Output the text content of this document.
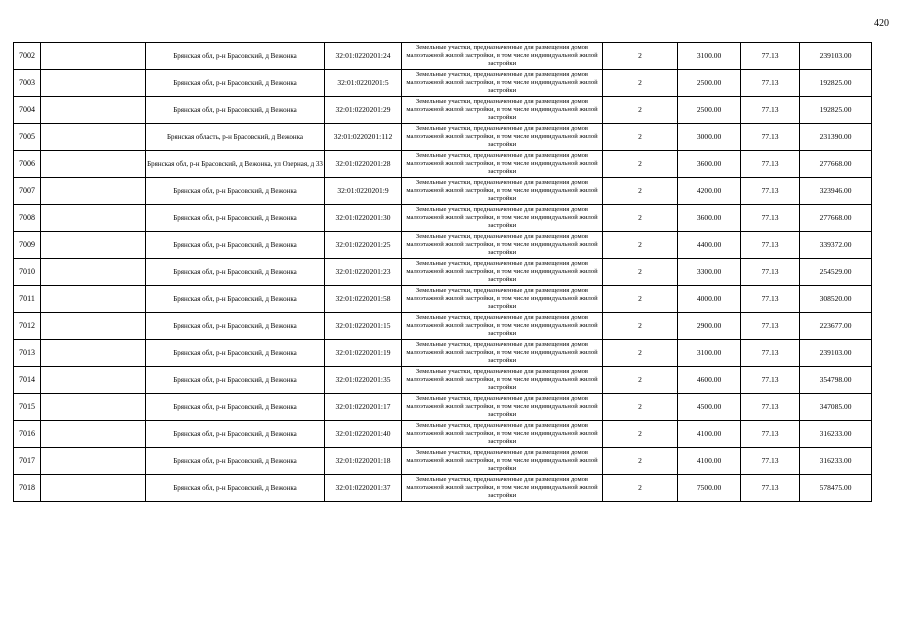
420
7002		Брянская обл, р-н Брасовский, д Вежонка	32:01:0220201:24	Земельные участки, предназначенные для размещения домов малоэтажной жилой застройки, в том числе индивидуальной жилой застройки	2	3100.00	77.13	239103.00
7003		Брянская обл, р-н Брасовский, д Вежонка	32:01:0220201:5	Земельные участки, предназначенные для размещения домов малоэтажной жилой застройки, в том числе индивидуальной жилой застройки	2	2500.00	77.13	192825.00
7004		Брянская обл, р-н Брасовский, д Вежонка	32:01:0220201:29	Земельные участки, предназначенные для размещения домов малоэтажной жилой застройки, в том числе индивидуальной жилой застройки	2	2500.00	77.13	192825.00
7005		Брянская область, р-н Брасовский, д Вежонка	32:01:0220201:112	Земельные участки, предназначенные для размещения домов малоэтажной жилой застройки, в том числе индивидуальной жилой застройки	2	3000.00	77.13	231390.00
7006		Брянская обл, р-н Брасовский, д Вежонка, ул Озерная, д 33	32:01:0220201:28	Земельные участки, предназначенные для размещения домов малоэтажной жилой застройки, в том числе индивидуальной жилой застройки	2	3600.00	77.13	277668.00
7007		Брянская обл, р-н Брасовский, д Вежонка	32:01:0220201:9	Земельные участки, предназначенные для размещения домов малоэтажной жилой застройки, в том числе индивидуальной жилой застройки	2	4200.00	77.13	323946.00
7008		Брянская обл, р-н Брасовский, д Вежонка	32:01:0220201:30	Земельные участки, предназначенные для размещения домов малоэтажной жилой застройки, в том числе индивидуальной жилой застройки	2	3600.00	77.13	277668.00
7009		Брянская обл, р-н Брасовский, д Вежонка	32:01:0220201:25	Земельные участки, предназначенные для размещения домов малоэтажной жилой застройки, в том числе индивидуальной жилой застройки	2	4400.00	77.13	339372.00
7010		Брянская обл, р-н Брасовский, д Вежонка	32:01:0220201:23	Земельные участки, предназначенные для размещения домов малоэтажной жилой застройки, в том числе индивидуальной жилой застройки	2	3300.00	77.13	254529.00
7011		Брянская обл, р-н Брасовский, д Вежонка	32:01:0220201:58	Земельные участки, предназначенные для размещения домов малоэтажной жилой застройки, в том числе индивидуальной жилой застройки	2	4000.00	77.13	308520.00
7012		Брянская обл, р-н Брасовский, д Вежонка	32:01:0220201:15	Земельные участки, предназначенные для размещения домов малоэтажной жилой застройки, в том числе индивидуальной жилой застройки	2	2900.00	77.13	223677.00
7013		Брянская обл, р-н Брасовский, д Вежонка	32:01:0220201:19	Земельные участки, предназначенные для размещения домов малоэтажной жилой застройки, в том числе индивидуальной жилой застройки	2	3100.00	77.13	239103.00
7014		Брянская обл, р-н Брасовский, д Вежонка	32:01:0220201:35	Земельные участки, предназначенные для размещения домов малоэтажной жилой застройки, в том числе индивидуальной жилой застройки	2	4600.00	77.13	354798.00
7015		Брянская обл, р-н Брасовский, д Вежонка	32:01:0220201:17	Земельные участки, предназначенные для размещения домов малоэтажной жилой застройки, в том числе индивидуальной жилой застройки	2	4500.00	77.13	347085.00
7016		Брянская обл, р-н Брасовский, д Вежонка	32:01:0220201:40	Земельные участки, предназначенные для размещения домов малоэтажной жилой застройки, в том числе индивидуальной жилой застройки	2	4100.00	77.13	316233.00
7017		Брянская обл, р-н Брасовский, д Вежонка	32:01:0220201:18	Земельные участки, предназначенные для размещения домов малоэтажной жилой застройки, в том числе индивидуальной жилой застройки	2	4100.00	77.13	316233.00
7018		Брянская обл, р-н Брасовский, д Вежонка	32:01:0220201:37	Земельные участки, предназначенные для размещения домов малоэтажной жилой застройки, в том числе индивидуальной жилой застройки	2	7500.00	77.13	578475.00
